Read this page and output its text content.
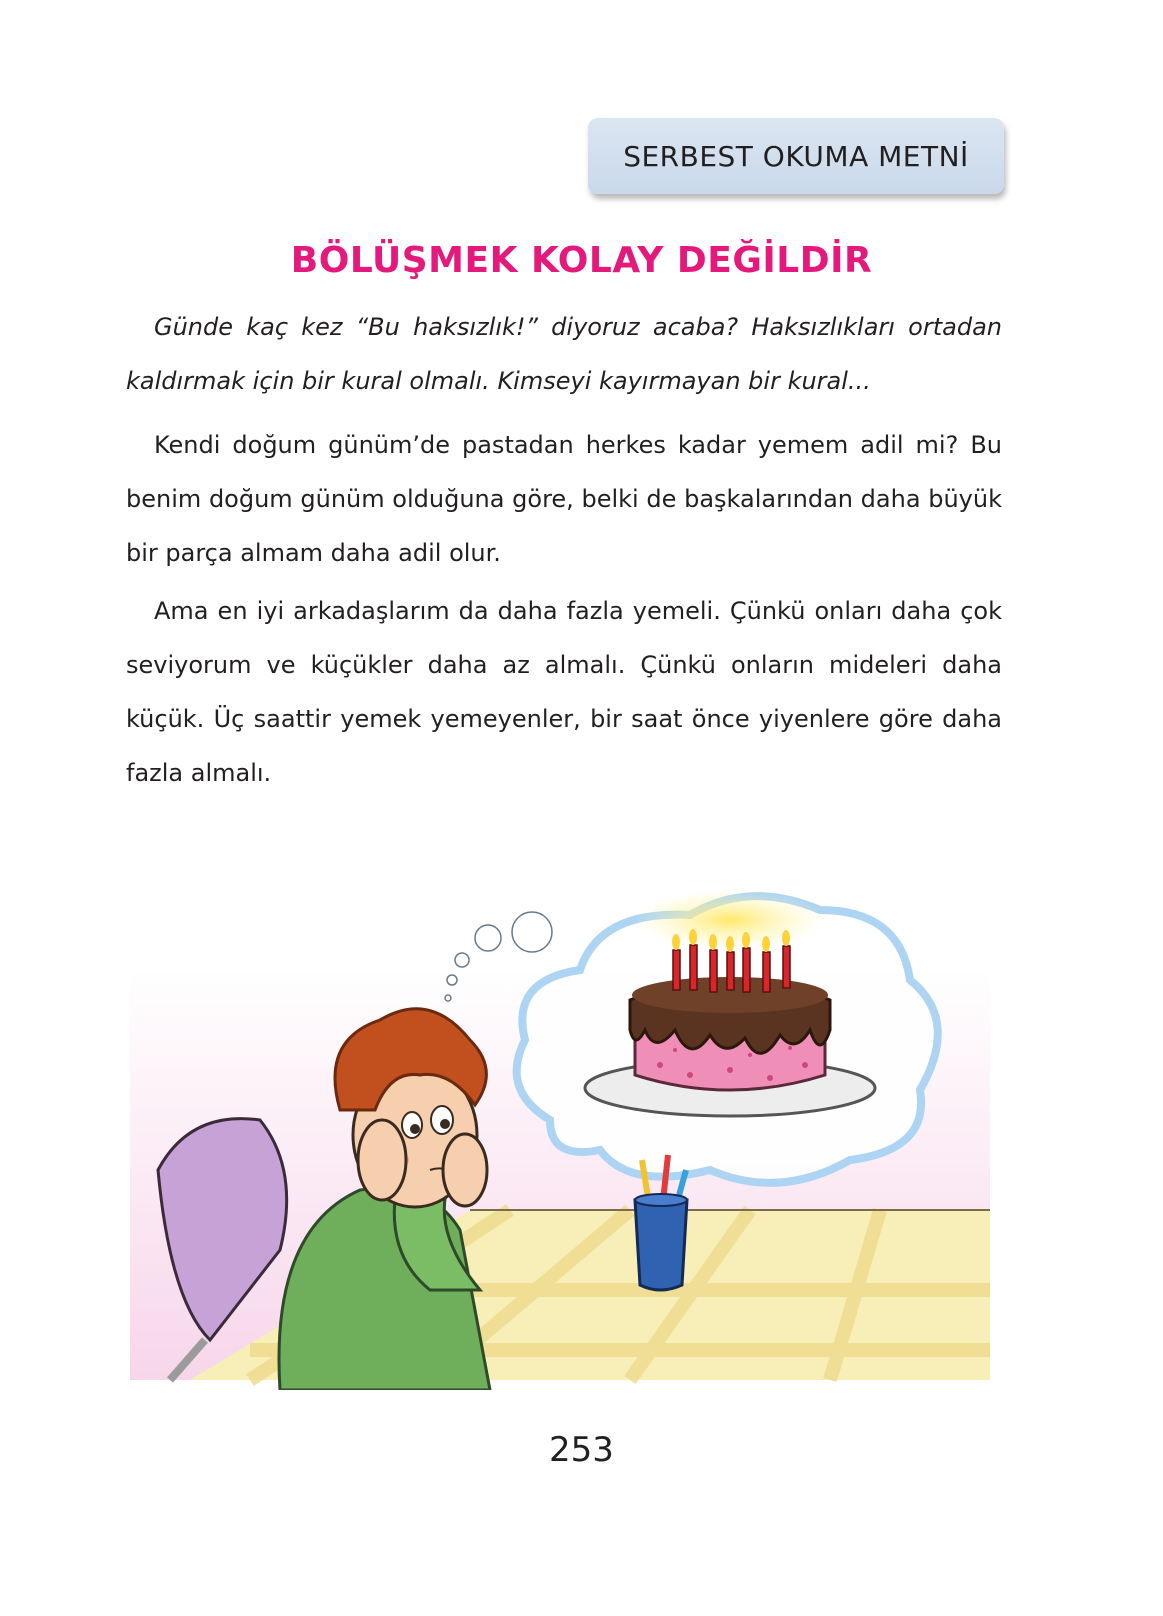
SERBEST OKUMA METNİ
BÖLÜŞMEK KOLAY DEĞİLDİR

Günde kaç kez “Bu haksızlık!” diyoruz acaba? Haksızlıkları ortadan kaldırmak için bir kural olmalı. Kimseyi kayırmayan bir kural...

Kendi doğum günüm’de pastadan herkes kadar yemem adil mi? Bu benim doğum günüm olduğuna göre, belki de başkalarından daha büyük bir parça almam daha adil olur.

Ama en iyi arkadaşlarım da daha fazla yemeli. Çünkü onları daha çok seviyorum ve küçükler daha az almalı. Çünkü onların mideleri daha küçük. Üç saattir yemek yemeyenler, bir saat önce yiyenlere göre daha fazla almalı.

253
